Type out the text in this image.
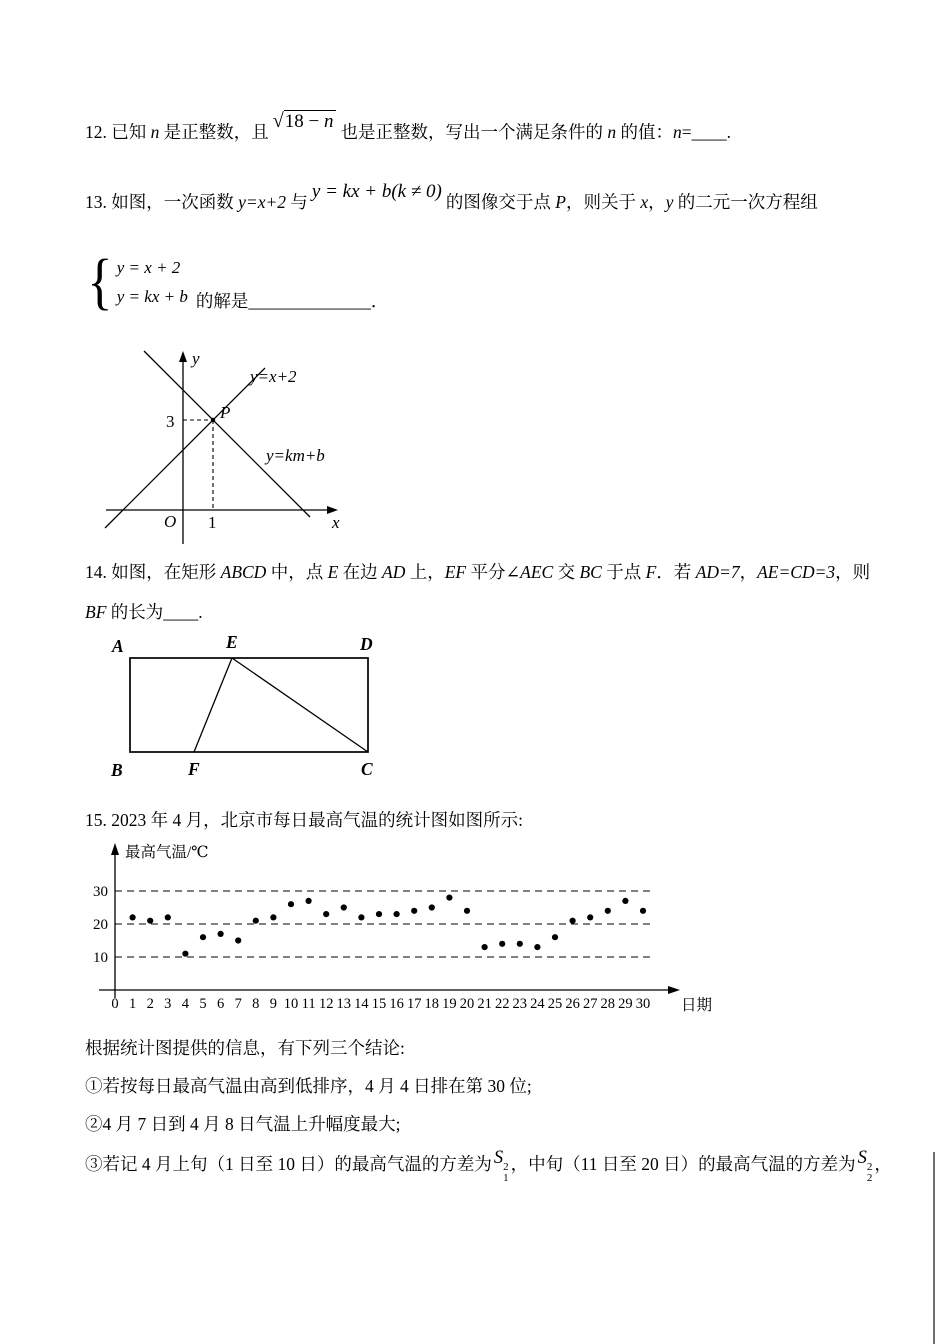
12. 已知 n 是正整数，且 √18 − n 也是正整数，写出一个满足条件的 n 的值：n=____.

13. 如图，一次函数 y=x+2 与 y = kx + b(k ≠ 0) 的图像交于点 P，则关于 x，y 的二元一次方程组

{ y = x + 2
y = kx + b 的解是______________．
y
x
O
3
1
P
y=x+2
y=km+b

14. 如图，在矩形 ABCD 中，点 E 在边 AD 上，EF 平分∠AEC 交 BC 于点 F．若 AD=7，AE=CD=3，则

BF 的长为____.

A	D
B	C
E
F

15. 2023 年 4 月，北京市每日最高气温的统计图如图所示:

最高气温/℃
日期
10
20
30
0 1 2 3 4 5 6 7 8 9 10 11 12 13 14 15 16 17 18 19 20 21 22 23 24 25 26 27 28 29 30

根据统计图提供的信息，有下列三个结论:

①若按每日最高气温由高到低排序，4 月 4 日排在第 30 位;

②4 月 7 日到 4 月 8 日气温上升幅度最大;

③若记 4 月上旬（1 日至 10 日）的最高气温的方差为 S 2
1
，中旬（11 日至 20 日）的最高气温的方差为 S 2
2
，
